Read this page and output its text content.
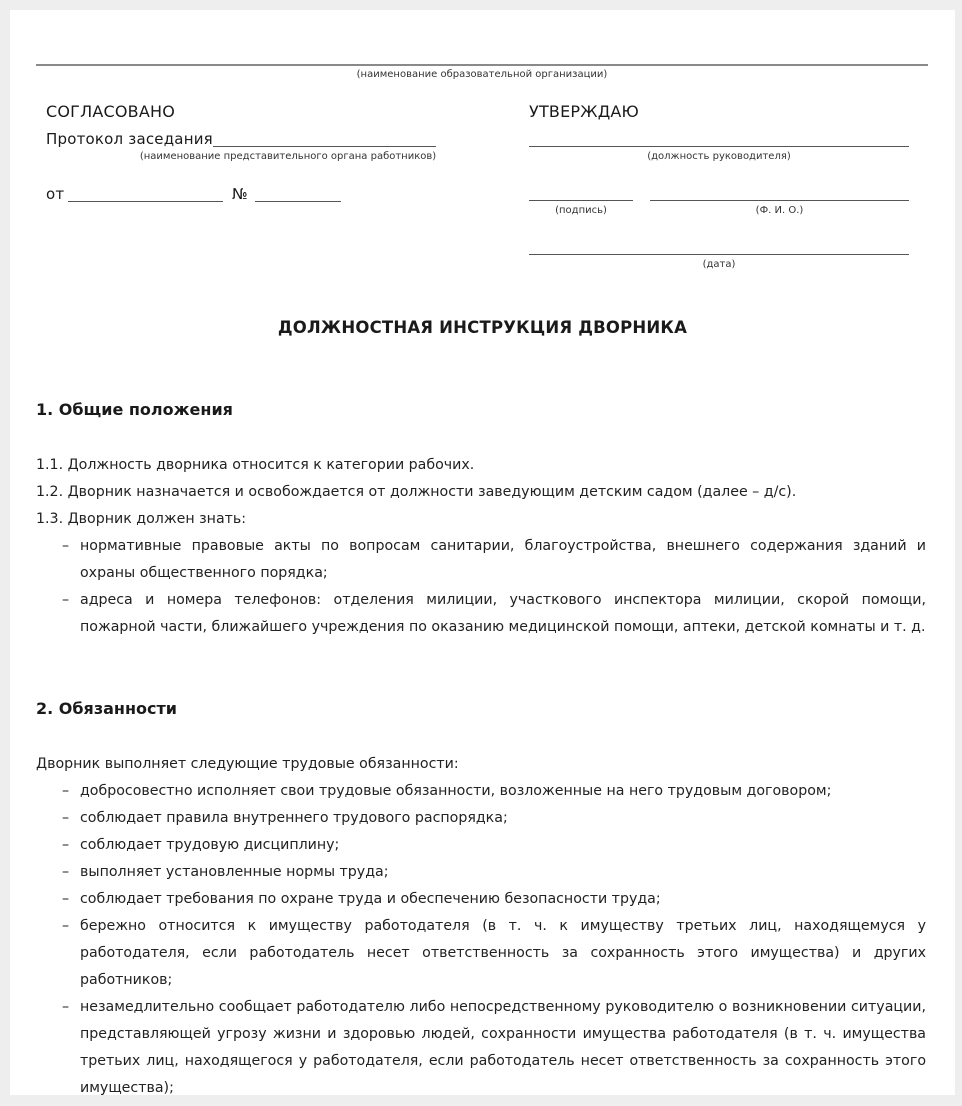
(наименование образовательной организации)
СОГЛАСОВАНО
Протокол заседания
(наименование представительного органа работников)
от	№
УТВЕРЖДАЮ
(должность руководителя)
(подпись)	(Ф. И. О.)
(дата)
ДОЛЖНОСТНАЯ ИНСТРУКЦИЯ ДВОРНИКА
1. Общие положения

1.1. Должность дворника относится к категории рабочих.

1.2. Дворник назначается и освобождается от должности заведующим детским садом (далее – д/с).

1.3. Дворник должен знать:

– нормативные правовые акты по вопросам санитарии, благоустройства, внешнего содержания зданий и охраны общественного порядка;
– адреса и номера телефонов: отделения милиции, участкового инспектора милиции, скорой помощи, пожарной части, ближайшего учреждения по оказанию медицинской помощи, аптеки, детской комнаты и т. д.
2. Обязанности

Дворник выполняет следующие трудовые обязанности:

– добросовестно исполняет свои трудовые обязанности, возложенные на него трудовым договором;
– соблюдает правила внутреннего трудового распорядка;
– соблюдает трудовую дисциплину;
– выполняет установленные нормы труда;
– соблюдает требования по охране труда и обеспечению безопасности труда;
– бережно относится к имуществу работодателя (в т. ч. к имуществу третьих лиц, находящемуся у работодателя, если работодатель несет ответственность за сохранность этого имущества) и других работников;
– незамедлительно сообщает работодателю либо непосредственному руководителю о возникновении ситуации, представляющей угрозу жизни и здоровью людей, сохранности имущества работодателя (в т. ч. имущества третьих лиц, находящегося у работодателя, если работодатель несет ответственность за сохранность этого имущества);
